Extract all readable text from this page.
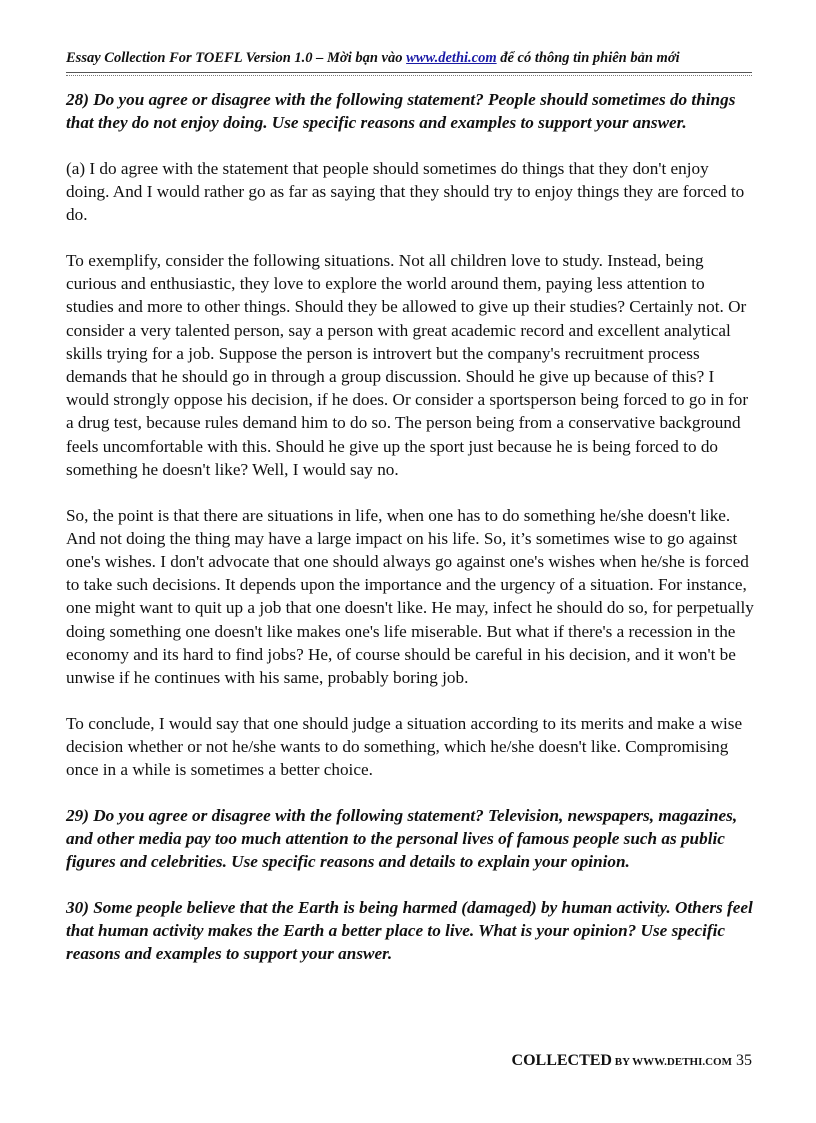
Essay Collection For TOEFL Version 1.0 – Mời bạn vào www.dethi.com để có thông tin phiên bản mới

28) Do you agree or disagree with the following statement? People should sometimes do things that they do not enjoy doing. Use specific reasons and examples to support your answer.

(a) I do agree with the statement that people should sometimes do things that they don't enjoy doing. And I would rather go as far as saying that they should try to enjoy things they are forced to do.

To exemplify, consider the following situations. Not all children love to study. Instead, being curious and enthusiastic, they love to explore the world around them, paying less attention to studies and more to other things. Should they be allowed to give up their studies? Certainly not. Or consider a very talented person, say a person with great academic record and excellent analytical skills trying for a job. Suppose the person is introvert but the company's recruitment process demands that he should go in through a group discussion. Should he give up because of this? I would strongly oppose his decision, if he does. Or consider a sportsperson being forced to go in for a drug test, because rules demand him to do so. The person being from a conservative background feels uncomfortable with this. Should he give up the sport just because he is being forced to do something he doesn't like? Well, I would say no.

So, the point is that there are situations in life, when one has to do something he/she doesn't like. And not doing the thing may have a large impact on his life. So, it’s sometimes wise to go against one's wishes. I don't advocate that one should always go against one's wishes when he/she is forced to take such decisions. It depends upon the importance and the urgency of a situation. For instance, one might want to quit up a job that one doesn't like. He may, infect he should do so, for perpetually doing something one doesn't like makes one's life miserable. But what if there's a recession in the economy and its hard to find jobs? He, of course should be careful in his decision, and it won't be unwise if he continues with his same, probably boring job.

To conclude, I would say that one should judge a situation according to its merits and make a wise decision whether or not he/she wants to do something, which he/she doesn't like. Compromising once in a while is sometimes a better choice.

29) Do you agree or disagree with the following statement? Television, newspapers, magazines, and other media pay too much attention to the personal lives of famous people such as public figures and celebrities. Use specific reasons and details to explain your opinion.

30) Some people believe that the Earth is being harmed (damaged) by human activity. Others feel that human activity makes the Earth a better place to live. What is your opinion? Use specific reasons and examples to support your answer.

COLLECTED BY WWW.DETHI.COM 35
